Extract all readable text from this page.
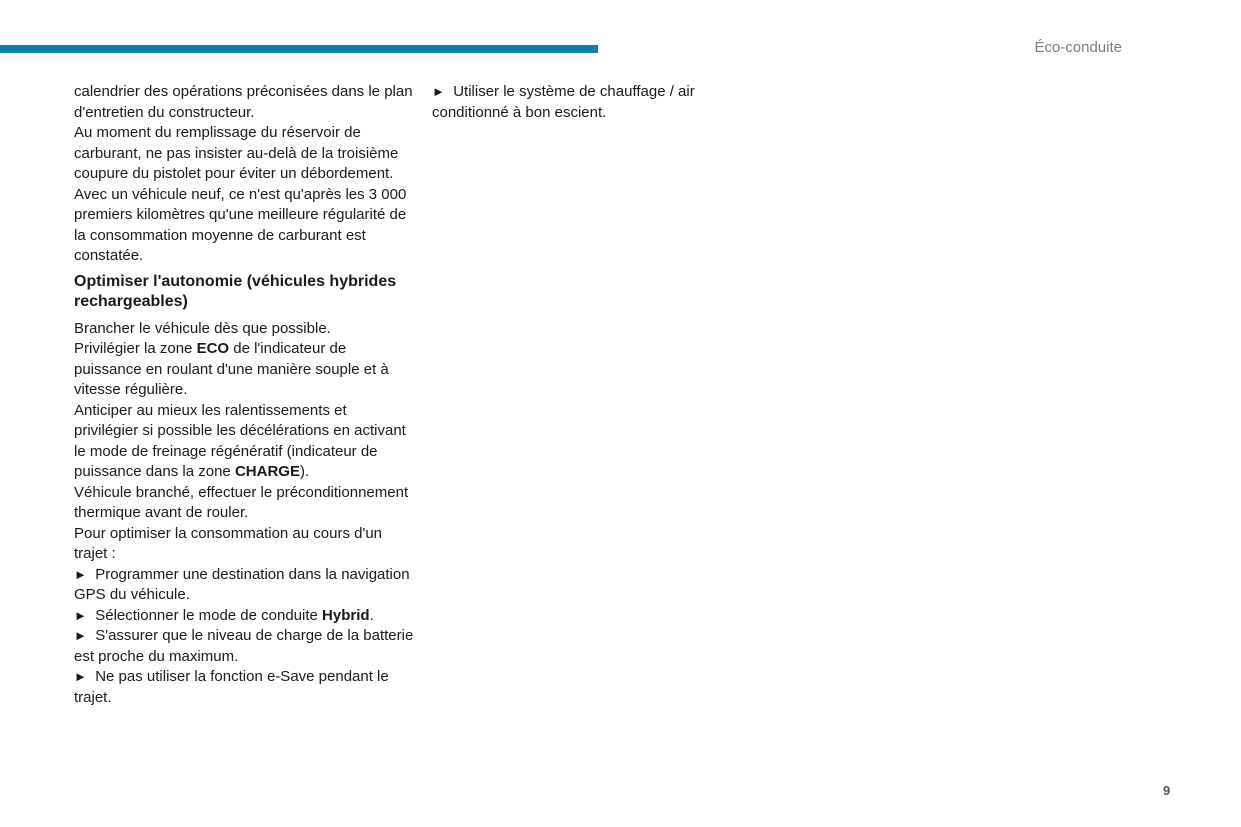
Éco-conduite

calendrier des opérations préconisées dans le plan d'entretien du constructeur.

Au moment du remplissage du réservoir de carburant, ne pas insister au-delà de la troisième coupure du pistolet pour éviter un débordement.

Avec un véhicule neuf, ce n'est qu'après les 3 000 premiers kilomètres qu'une meilleure régularité de la consommation moyenne de carburant est constatée.

Optimiser l'autonomie (véhicules hybrides rechargeables)

Brancher le véhicule dès que possible.

Privilégier la zone ECO de l'indicateur de puissance en roulant d'une manière souple et à vitesse régulière.

Anticiper au mieux les ralentissements et privilégier si possible les décélérations en activant le mode de freinage régénératif (indicateur de puissance dans la zone CHARGE).

Véhicule branché, effectuer le préconditionnement thermique avant de rouler.

Pour optimiser la consommation au cours d'un trajet :

► Programmer une destination dans la navigation GPS du véhicule.

► Sélectionner le mode de conduite Hybrid.

► S'assurer que le niveau de charge de la batterie est proche du maximum.

► Ne pas utiliser la fonction e-Save pendant le trajet.

► Utiliser le système de chauffage / air conditionné à bon escient.

9
